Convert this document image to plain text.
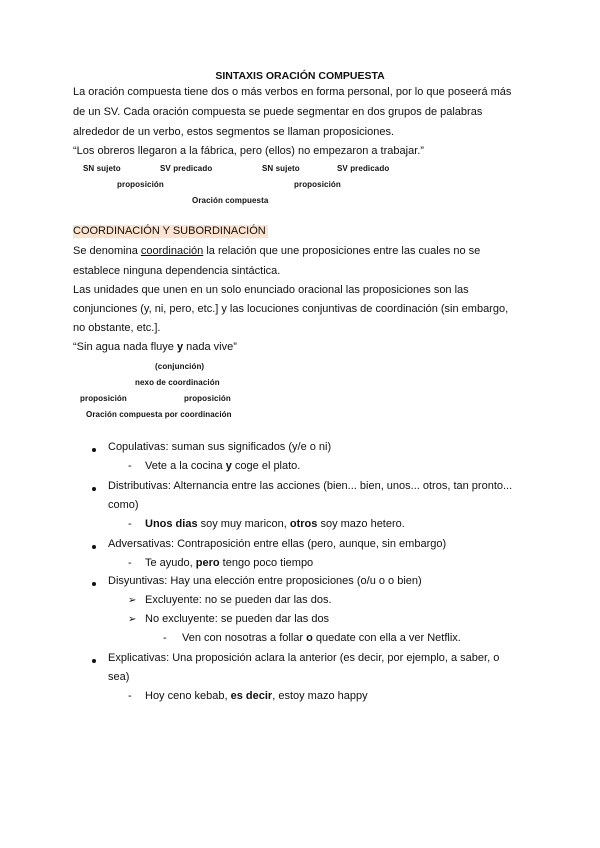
SINTAXIS ORACIÓN COMPUESTA
La oración compuesta tiene dos o más verbos en forma personal, por lo que poseerá más
de un SV. Cada oración compuesta se puede segmentar en dos grupos de palabras
alrededor de un verbo, estos segmentos se llaman proposiciones.
“Los obreros llegaron a la fábrica, pero (ellos) no empezaron a trabajar.”
SN sujeto	SV predicado	SN sujeto	SV predicado
proposición	proposición
Oración compuesta
COORDINACIÓN Y SUBORDINACIÓN
Se denomina coordinación la relación que une proposiciones entre las cuales no se
establece ninguna dependencia sintáctica.
Las unidades que unen en un solo enunciado oracional las proposiciones son las
conjunciones (y, ni, pero, etc.] y las locuciones conjuntivas de coordinación (sin embargo,
no obstante, etc.].
“Sin agua nada fluye y nada vive”
(conjunción)
nexo de coordinación
proposición	proposición
Oración compuesta por coordinación
Copulativas: suman sus significados (y/e o ni)
- Vete a la cocina y coge el plato.
Distributivas: Alternancia entre las acciones (bien... bien, unos... otros, tan pronto...
como)
- Unos dias soy muy maricon, otros soy mazo hetero.
Adversativas: Contraposición entre ellas (pero, aunque, sin embargo)
- Te ayudo, pero tengo poco tiempo
Disyuntivas: Hay una elección entre proposiciones (o/u o o bien)
➢ Excluyente: no se pueden dar las dos.
➢ No excluyente: se pueden dar las dos
- Ven con nosotras a follar o quedate con ella a ver Netflix.
Explicativas: Una proposición aclara la anterior (es decir, por ejemplo, a saber, o
sea)
- Hoy ceno kebab, es decir, estoy mazo happy
